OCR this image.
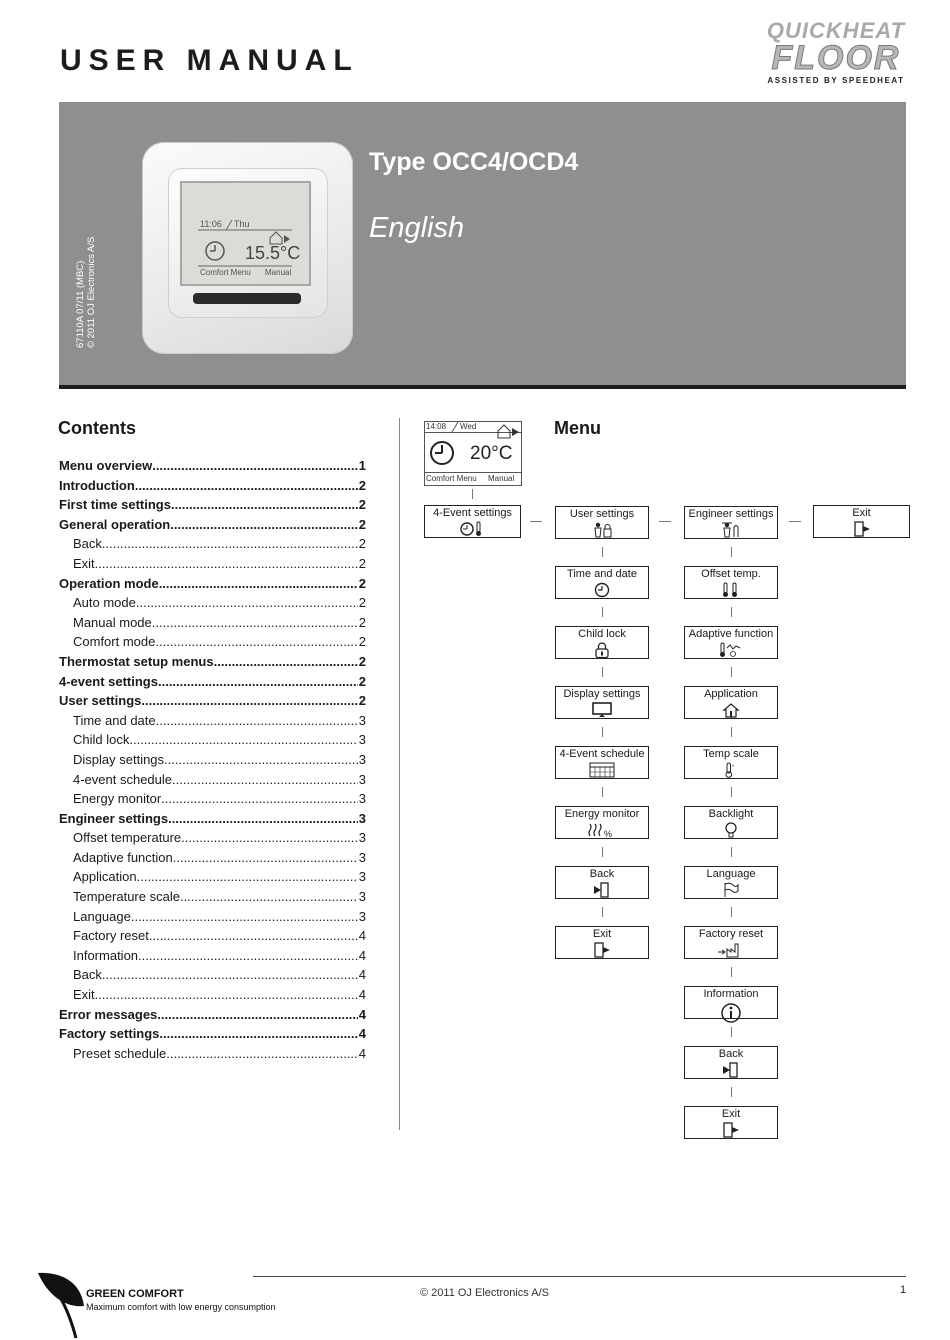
USER MANUAL
QUICKHEAT
FLOOR
ASSISTED BY SPEEDHEAT
67110A 07/11 (MBC) © 2011 OJ Electronics A/S
Type OCC4/OCD4
English
11:06 Thu
15.5°C
Comfort Menu Manual
Contents
Menu overview .....	1
Introduction .....	2
First time settings .....	2
General operation .....	2
Back .....	2
Exit .....	2
Operation mode .....	2
Auto mode .....	2
Manual mode .....	2
Comfort mode .....	2
Thermostat setup menus .....	2
4-event settings .....	2
User settings .....	2
Time and date .....	3
Child lock .....	3
Display settings .....	3
4-event schedule .....	3
Energy monitor .....	3
Engineer settings .....	3
Offset temperature .....	3
Adaptive function .....	3
Application .....	3
Temperature scale .....	3
Language .....	3
Factory reset .....	4
Information .....	4
Back .....	4
Exit .....	4
Error messages .....	4
Factory settings .....	4
Preset schedule .....	4
Menu
14:08 Wed
20°C
Comfort Menu Manual
4-Event settings	Exit
User settings
Time and date
Child lock
Display settings
4-Event schedule
Energy monitor
%
Back
Exit
Engineer settings
Offset temp.
Adaptive function
Application
Temp scale
°
Backlight
Language
Factory reset
Information
Back
Exit
GREEN COMFORT
Maximum comfort with low energy consumption
© 2011 OJ Electronics A/S	1
